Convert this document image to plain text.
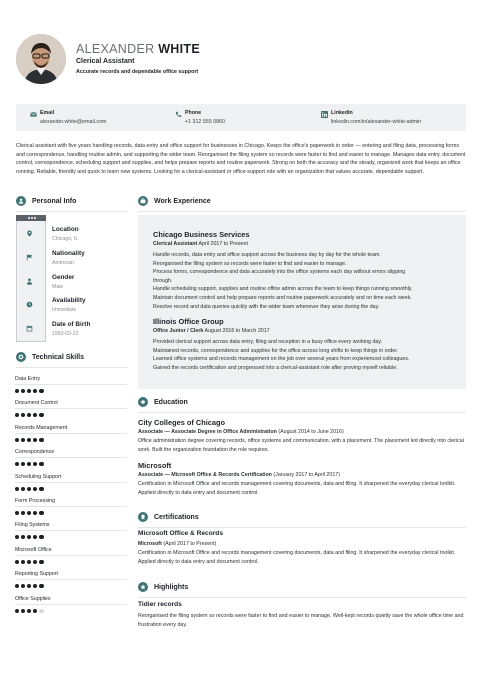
ALEXANDER WHITE
Clerical Assistant
Accurate records and dependable office support
Email
alexander.white@email.com
Phone
+1 312 555 0860
Linkedin
linkedin.com/in/alexander-white-admin
Clerical assistant with five years handling records, data entry and office support for businesses in Chicago. Keeps the office's paperwork in order — entering and filing data, processing forms and correspondence, handling routine admin, and supporting the wider team. Reorganised the filing system so records were faster to find and easier to manage. Manages data entry, document control, correspondence, scheduling support and supplies, and helps prepare reports and routine paperwork. Strong on both the accuracy and the steady, organized work that keeps an office running. Reliable, friendly and quick to learn new systems. Looking for a clerical-assistant or office-support role with an organization that values accurate, dependable support.
Personal Info
Location
Chicago, IL
Nationality
American
Gender
Male
Availability
Immediate
Date of Birth
1993-03-22
Technical Skills
Data Entry
Document Control
Records Management
Correspondence
Scheduling Support
Form Processing
Filing Systems
Microsoft Office
Reporting Support
Office Supplies
Work Experience
Chicago Business Services
Clerical Assistant April 2017 to Present
Handle records, data entry and office support across the business day by day for the whole team.
Reorganised the filing system so records were faster to find and easier to manage.
Process forms, correspondence and data accurately into the office systems each day without errors slipping
through.
Handle scheduling support, supplies and routine office admin across the team to keep things running smoothly.
Maintain document control and help prepare reports and routine paperwork accurately and on time each week.
Resolve record and data queries quickly with the wider team whenever they arise during the day.
Illinois Office Group
Office Junior / Clerk August 2016 to March 2017
Provided clerical support across data entry, filing and reception in a busy office every working day.
Maintained records, correspondence and supplies for the office across long shifts to keep things in order.
Learned office systems and records management on the job over several years from experienced colleagues.
Gained the records certification and progressed into a clerical-assistant role after proving myself reliable.
Education
City Colleges of Chicago
Associate — Associate Degree in Office Administration (August 2014 to June 2016)
Office administration degree covering records, office systems and communication, with a placement. The placement led directly into clerical work. Built the organization foundation the role requires.
Microsoft
Associate — Microsoft Office & Records Certification (January 2017 to April 2017)
Certification in Microsoft Office and records management covering documents, data and filing. It sharpened the everyday clerical toolkit. Applied directly to data entry and document control.
Certifications
Microsoft Office & Records
Microsoft (April 2017 to Present)
Certification in Microsoft Office and records management covering documents, data and filing. It sharpened the everyday clerical toolkit. Applied directly to data entry and document control.
Highlights
Tidier records
Reorganised the filing system so records were faster to find and easier to manage. Well-kept records quietly save the whole office time and frustration every day.
